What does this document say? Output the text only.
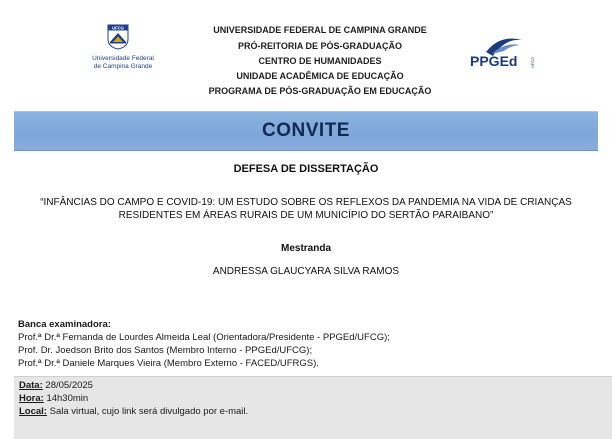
UFCG
Universidade Federal
de Campina Grande
UNIVERSIDADE FEDERAL DE CAMPINA GRANDE
PRÓ-REITORIA DE PÓS-GRADUAÇÃO
CENTRO DE HUMANIDADES
UNIDADE ACADÊMICA DE EDUCAÇÃO
PROGRAMA DE PÓS-GRADUAÇÃO EM EDUCAÇÃO
PPGEd	UFCG
CONVITE
DEFESA DE DISSERTAÇÃO
“INFÂNCIAS DO CAMPO E COVID-19: UM ESTUDO SOBRE OS REFLEXOS DA PANDEMIA NA VIDA DE CRIANÇAS
RESIDENTES EM ÁREAS RURAIS DE UM MUNICÍPIO DO SERTÃO PARAIBANO”
Mestranda
ANDRESSA GLAUCYARA SILVA RAMOS
Banca examinadora:
Prof.ª Dr.ª Fernanda de Lourdes Almeida Leal (Orientadora/Presidente - PPGEd/UFCG);
Prof. Dr. Joedson Brito dos Santos (Membro Interno - PPGEd/UFCG);
Prof.ª Dr.ª Daniele Marques Vieira (Membro Externo - FACED/UFRGS).
Data: 28/05/2025
Hora: 14h30min
Local: Sala virtual, cujo link será divulgado por e-mail.
